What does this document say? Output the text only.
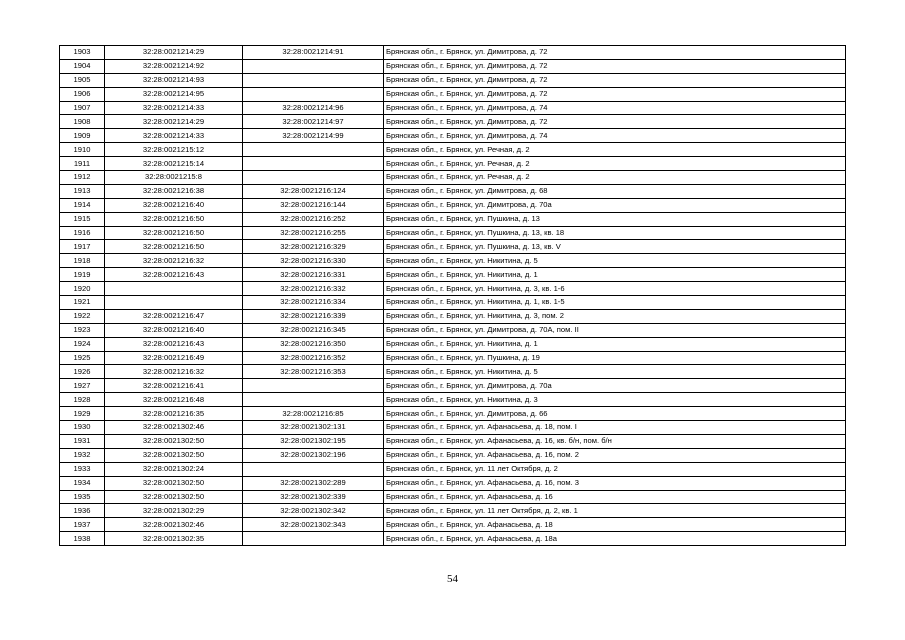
1903	32:28:0021214:29	32:28:0021214:91	Брянская обл., г. Брянск, ул. Димитрова, д. 72
1904	32:28:0021214:92		Брянская обл., г. Брянск, ул. Димитрова, д. 72
1905	32:28:0021214:93		Брянская обл., г. Брянск, ул. Димитрова, д. 72
1906	32:28:0021214:95		Брянская обл., г. Брянск, ул. Димитрова, д. 72
1907	32:28:0021214:33	32:28:0021214:96	Брянская обл., г. Брянск, ул. Димитрова, д. 74
1908	32:28:0021214:29	32:28:0021214:97	Брянская обл., г. Брянск, ул. Димитрова, д. 72
1909	32:28:0021214:33	32:28:0021214:99	Брянская обл., г. Брянск, ул. Димитрова, д. 74
1910	32:28:0021215:12		Брянская обл., г. Брянск, ул. Речная, д. 2
1911	32:28:0021215:14		Брянская обл., г. Брянск, ул. Речная, д. 2
1912	32:28:0021215:8		Брянская обл., г. Брянск, ул. Речная, д. 2
1913	32:28:0021216:38	32:28:0021216:124	Брянская обл., г. Брянск, ул. Димитрова, д. 68
1914	32:28:0021216:40	32:28:0021216:144	Брянская обл., г. Брянск, ул. Димитрова, д. 70а
1915	32:28:0021216:50	32:28:0021216:252	Брянская обл., г. Брянск, ул. Пушкина, д. 13
1916	32:28:0021216:50	32:28:0021216:255	Брянская обл., г. Брянск, ул. Пушкина, д. 13, кв. 18
1917	32:28:0021216:50	32:28:0021216:329	Брянская обл., г. Брянск, ул. Пушкина, д. 13, кв. V
1918	32:28:0021216:32	32:28:0021216:330	Брянская обл., г. Брянск, ул. Никитина, д. 5
1919	32:28:0021216:43	32:28:0021216:331	Брянская обл., г. Брянск, ул. Никитина, д. 1
1920		32:28:0021216:332	Брянская обл., г. Брянск, ул. Никитина, д. 3, кв. 1-6
1921		32:28:0021216:334	Брянская обл., г. Брянск, ул. Никитина, д. 1, кв. 1-5
1922	32:28:0021216:47	32:28:0021216:339	Брянская обл., г. Брянск, ул. Никитина, д. 3, пом. 2
1923	32:28:0021216:40	32:28:0021216:345	Брянская обл., г. Брянск, ул. Димитрова, д. 70А, пом. II
1924	32:28:0021216:43	32:28:0021216:350	Брянская обл., г. Брянск, ул. Никитина, д. 1
1925	32:28:0021216:49	32:28:0021216:352	Брянская обл., г. Брянск, ул. Пушкина, д. 19
1926	32:28:0021216:32	32:28:0021216:353	Брянская обл., г. Брянск, ул. Никитина, д. 5
1927	32:28:0021216:41		Брянская обл., г. Брянск, ул. Димитрова, д. 70а
1928	32:28:0021216:48		Брянская обл., г. Брянск, ул. Никитина, д. 3
1929	32:28:0021216:35	32:28:0021216:85	Брянская обл., г. Брянск, ул. Димитрова, д. 66
1930	32:28:0021302:46	32:28:0021302:131	Брянская обл., г. Брянск, ул. Афанасьева, д. 18, пом. I
1931	32:28:0021302:50	32:28:0021302:195	Брянская обл., г. Брянск, ул. Афанасьева, д. 16, кв. б/н, пом. б/н
1932	32:28:0021302:50	32:28:0021302:196	Брянская обл., г. Брянск, ул. Афанасьева, д. 16, пом. 2
1933	32:28:0021302:24		Брянская обл., г. Брянск, ул. 11 лет Октября, д. 2
1934	32:28:0021302:50	32:28:0021302:289	Брянская обл., г. Брянск, ул. Афанасьева, д. 16, пом. 3
1935	32:28:0021302:50	32:28:0021302:339	Брянская обл., г. Брянск, ул. Афанасьева, д. 16
1936	32:28:0021302:29	32:28:0021302:342	Брянская обл., г. Брянск, ул. 11 лет Октября, д. 2, кв. 1
1937	32:28:0021302:46	32:28:0021302:343	Брянская обл., г. Брянск, ул. Афанасьева, д. 18
1938	32:28:0021302:35		Брянская обл., г. Брянск, ул. Афанасьева, д. 18а
54
